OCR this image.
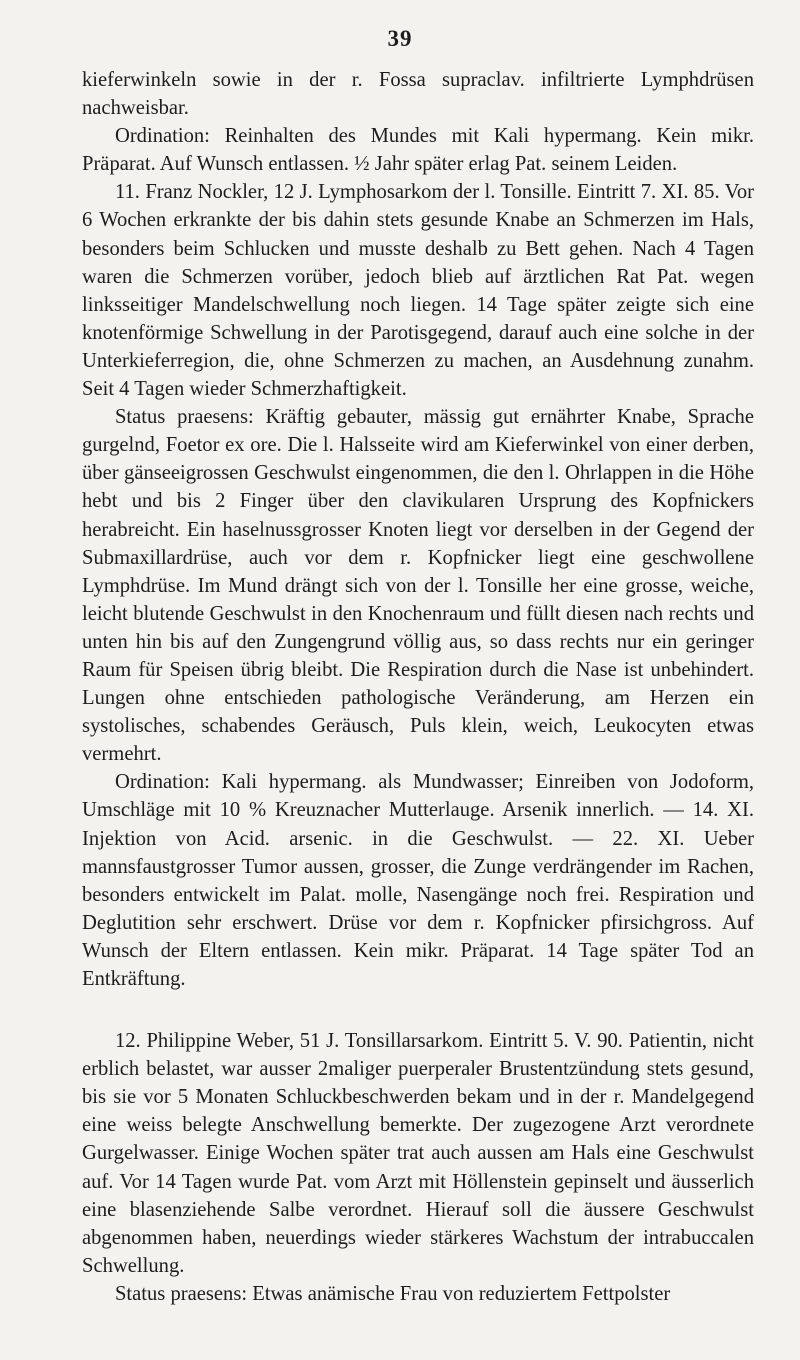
39

kieferwinkeln sowie in der r. Fossa supraclav. infiltrierte Lymphdrüsen nachweisbar.

Ordination: Reinhalten des Mundes mit Kali hypermang. Kein mikr. Präparat. Auf Wunsch entlassen. ½ Jahr später erlag Pat. seinem Leiden.

11. Franz Nockler, 12 J. Lymphosarkom der l. Tonsille. Eintritt 7. XI. 85. Vor 6 Wochen erkrankte der bis dahin stets gesunde Knabe an Schmerzen im Hals, besonders beim Schlucken und musste deshalb zu Bett gehen. Nach 4 Tagen waren die Schmerzen vorüber, jedoch blieb auf ärztlichen Rat Pat. wegen linksseitiger Mandelschwellung noch liegen. 14 Tage später zeigte sich eine knotenförmige Schwellung in der Parotisgegend, darauf auch eine solche in der Unterkieferregion, die, ohne Schmerzen zu machen, an Ausdehnung zunahm. Seit 4 Tagen wieder Schmerzhaftigkeit.

Status praesens: Kräftig gebauter, mässig gut ernährter Knabe, Sprache gurgelnd, Foetor ex ore. Die l. Halsseite wird am Kieferwinkel von einer derben, über gänseeigrossen Geschwulst eingenommen, die den l. Ohrlappen in die Höhe hebt und bis 2 Finger über den clavikularen Ursprung des Kopfnickers herabreicht. Ein haselnussgrosser Knoten liegt vor derselben in der Gegend der Submaxillardrüse, auch vor dem r. Kopfnicker liegt eine geschwollene Lymphdrüse. Im Mund drängt sich von der l. Tonsille her eine grosse, weiche, leicht blutende Geschwulst in den Knochenraum und füllt diesen nach rechts und unten hin bis auf den Zungengrund völlig aus, so dass rechts nur ein geringer Raum für Speisen übrig bleibt. Die Respiration durch die Nase ist unbehindert. Lungen ohne entschieden pathologische Veränderung, am Herzen ein systolisches, schabendes Geräusch, Puls klein, weich, Leukocyten etwas vermehrt.

Ordination: Kali hypermang. als Mundwasser; Einreiben von Jodoform, Umschläge mit 10 % Kreuznacher Mutterlauge. Arsenik innerlich. — 14. XI. Injektion von Acid. arsenic. in die Geschwulst. — 22. XI. Ueber mannsfaustgrosser Tumor aussen, grosser, die Zunge verdrängender im Rachen, besonders entwickelt im Palat. molle, Nasengänge noch frei. Respiration und Deglutition sehr erschwert. Drüse vor dem r. Kopfnicker pfirsichgross. Auf Wunsch der Eltern entlassen. Kein mikr. Präparat. 14 Tage später Tod an Entkräftung.

12. Philippine Weber, 51 J. Tonsillarsarkom. Eintritt 5. V. 90. Patientin, nicht erblich belastet, war ausser 2maliger puerperaler Brustentzündung stets gesund, bis sie vor 5 Monaten Schluckbeschwerden bekam und in der r. Mandelgegend eine weiss belegte Anschwellung bemerkte. Der zugezogene Arzt verordnete Gurgelwasser. Einige Wochen später trat auch aussen am Hals eine Geschwulst auf. Vor 14 Tagen wurde Pat. vom Arzt mit Höllenstein gepinselt und äusserlich eine blasenziehende Salbe verordnet. Hierauf soll die äussere Geschwulst abgenommen haben, neuerdings wieder stärkeres Wachstum der intrabuccalen Schwellung.

Status praesens: Etwas anämische Frau von reduziertem Fettpolster
